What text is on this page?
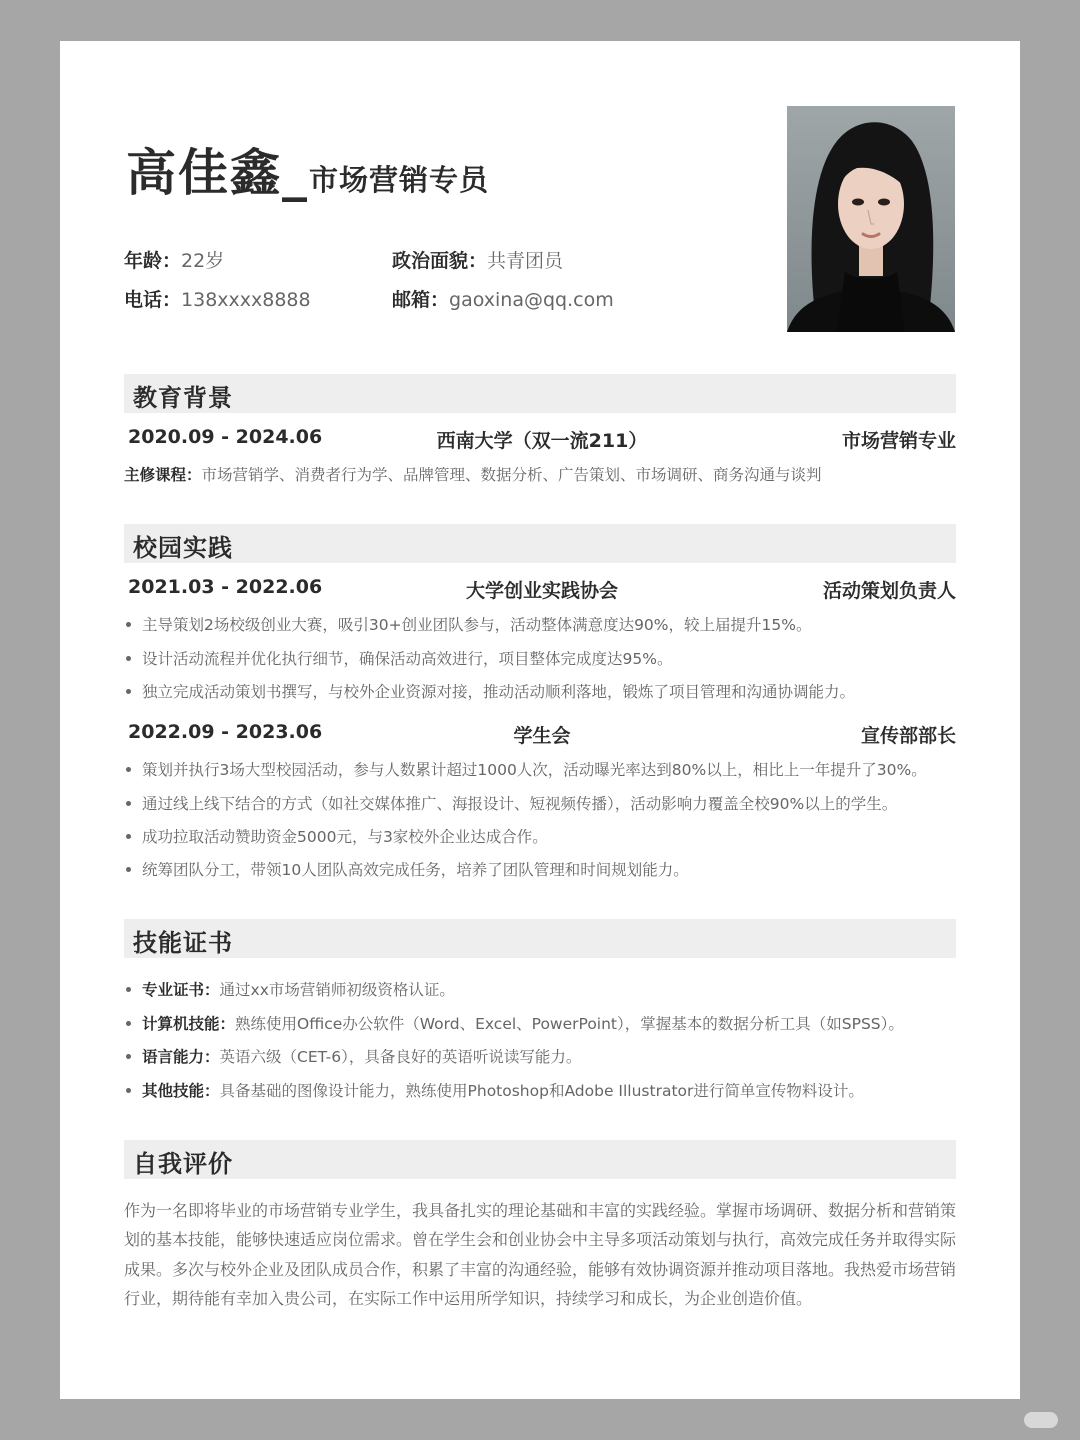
高佳鑫_市场营销专员
年龄：22岁	政治面貌：共青团员
电话：138xxxx8888	邮箱：gaoxina@qq.com
教育背景
2020.09 - 2024.06	西南大学（双一流211）	市场营销专业
主修课程：市场营销学、消费者行为学、品牌管理、数据分析、广告策划、市场调研、商务沟通与谈判
校园实践
2021.03 - 2022.06	大学创业实践协会	活动策划负责人
主导策划2场校级创业大赛，吸引30+创业团队参与，活动整体满意度达90%，较上届提升15%。
设计活动流程并优化执行细节，确保活动高效进行，项目整体完成度达95%。
独立完成活动策划书撰写，与校外企业资源对接，推动活动顺利落地，锻炼了项目管理和沟通协调能力。
2022.09 - 2023.06	学生会	宣传部部长
策划并执行3场大型校园活动，参与人数累计超过1000人次，活动曝光率达到80%以上，相比上一年提升了30%。
通过线上线下结合的方式（如社交媒体推广、海报设计、短视频传播），活动影响力覆盖全校90%以上的学生。
成功拉取活动赞助资金5000元，与3家校外企业达成合作。
统筹团队分工，带领10人团队高效完成任务，培养了团队管理和时间规划能力。
技能证书
专业证书：通过xx市场营销师初级资格认证。
计算机技能：熟练使用Office办公软件（Word、Excel、PowerPoint），掌握基本的数据分析工具（如SPSS）。
语言能力：英语六级（CET-6），具备良好的英语听说读写能力。
其他技能：具备基础的图像设计能力，熟练使用Photoshop和Adobe Illustrator进行简单宣传物料设计。
自我评价
作为一名即将毕业的市场营销专业学生，我具备扎实的理论基础和丰富的实践经验。掌握市场调研、数据分析和营销策
划的基本技能，能够快速适应岗位需求。曾在学生会和创业协会中主导多项活动策划与执行，高效完成任务并取得实际
成果。多次与校外企业及团队成员合作，积累了丰富的沟通经验，能够有效协调资源并推动项目落地。我热爱市场营销
行业，期待能有幸加入贵公司，在实际工作中运用所学知识，持续学习和成长，为企业创造价值。
